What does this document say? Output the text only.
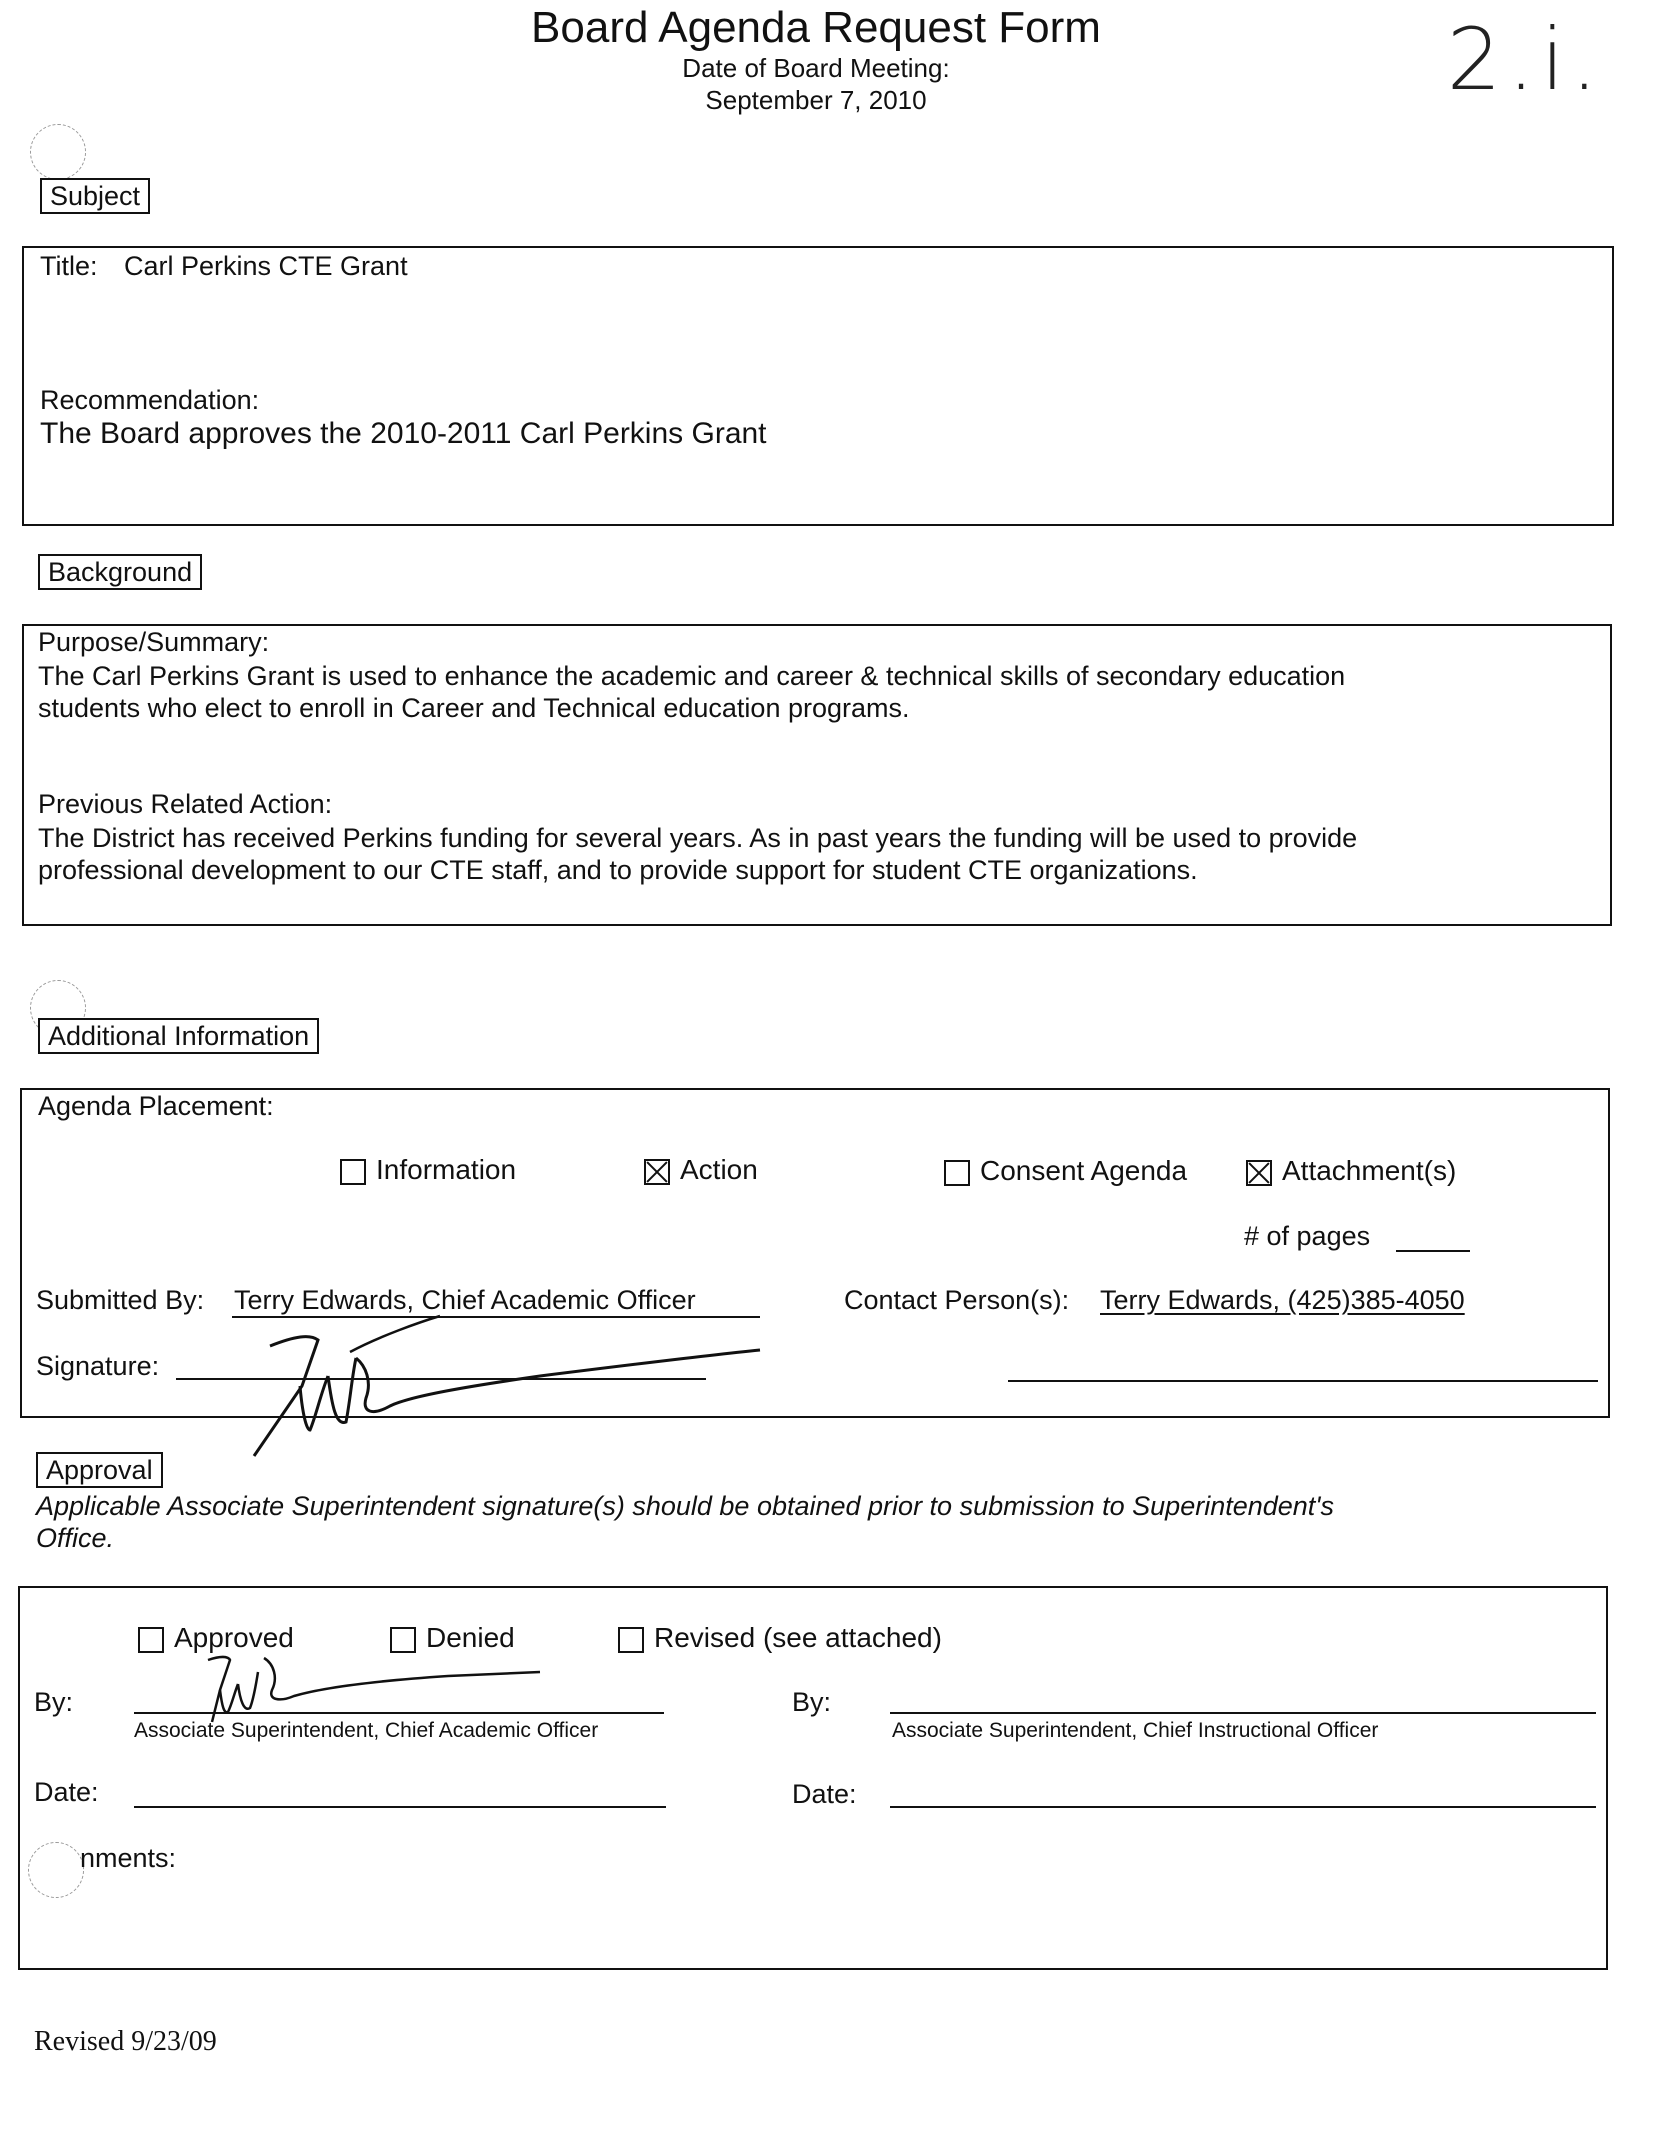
Board Agenda Request Form
Date of Board Meeting:
September 7, 2010	2.i.
Subject
Title: Carl Perkins CTE Grant
Recommendation:
The Board approves the 2010-2011 Carl Perkins Grant
Background
Purpose/Summary:
The Carl Perkins Grant is used to enhance the academic and career & technical skills of secondary education
students who elect to enroll in Career and Technical education programs.
Previous Related Action:
The District has received Perkins funding for several years. As in past years the funding will be used to provide
professional development to our CTE staff, and to provide support for student CTE organizations.
Additional Information
Agenda Placement:
Information	Action	Consent Agenda	Attachment(s)
# of pages
Submitted By: Terry Edwards, Chief Academic Officer	Contact Person(s): Terry Edwards, (425)385-4050
Signature:
Approval
Applicable Associate Superintendent signature(s) should be obtained prior to submission to Superintendent's
Office.
Approved	Denied	Revised (see attached)
By:
Associate Superintendent, Chief Academic Officer
By:
Associate Superintendent, Chief Instructional Officer
Date:	Date:
nments:
Revised 9/23/09
